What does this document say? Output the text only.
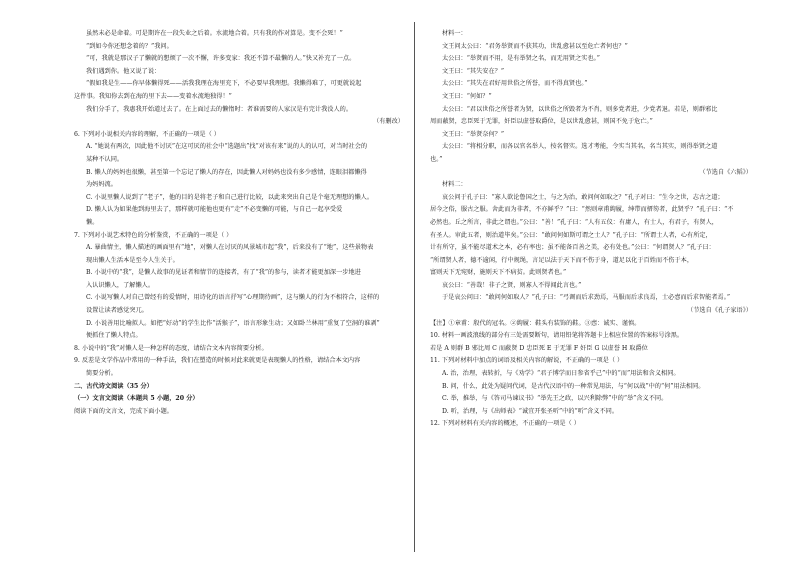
虽然未必是命着。可是期许在一段失业之后着。水流地合着。只有我的作对算是。变不会死！”

“到如今你还想念着的？”我问。

“可，我就是那汉子了懒就的想烦了一次不懈，许多变家：我还不算不最懒的人。”快又补充了一点。

我们遇到你。他又说了说：

“假如我是生——你早体懒得死——活我我理在海里充下，不必要早我理想。我懒得难了，可更就说起

这件事。我知你去到在海的里下去——变着水流地独得！”

我们分手了，我惠我开始道过去了。在上面过去的懒惰时：者谁需要的人家汉是有完计我没人的。

（有删改）

6. 下列对小说相关内容的理解，不正确的一项是（ ）

A. “她说有两次，因此他不讨厌”在这可厌的社会中“选题出”找“对该有来”说的人的认可，对当时社会的

某种不认同。

B. 懒人的妈妈也很懒，甚至第一个忘记了懒人的存在，因此懒人对妈妈也没有多少感情，连眼泪都懒得

为妈妈流。

C. 小说里懒人说到了“老子”，他的目的是将老子和自己进行比较，以此来突出自己是个毫无理想的懒人。

D. 懒人认为如果他到海里去了，那样就可能他也更有“走”不必变懒的可能，与自己一起享受爱

懒。

7. 下列对小说艺术特色的分析鉴赏，不正确的一项是（ ）

A. 暴曲情主，懒人描述的画面里有“地”，对懒人在讨厌的风景城市起“我”，后来没有了“地”，这些景物表

现出懒人生活本是至今人生关于。

B. 小说中的“我”，是懒人故事的见证者和情节的连接者，有了“我”的参与，读者才能更加深一步地进

入认识懒人，了解懒人。

C. 小说写懒人对自己曾经有的爱情时，用诗化的语言抒写“心理期待画”，这与懒人的行为不相符合，这样的

设置让读者感觉突兀。

D. 小说善用比喻拟人。如把“好动”的学生比作“活猴子”，语言形象生动；又如卧兰林用“重复了空洞的谁剥”

便抓住了懒人特点。

8. 小说中的“我”对懒人是一种怎样的态度，请结合文本内容简要分析。

9. 反差是文学作品中常用的一种手法，我们在塑造的时候对此来就更是表现懒人的性格，请结合本文内容

简要分析。

二、古代诗文阅读（35 分）

（一）文言文阅读（本题共 5 小题，20 分）

阅读下面的文言文，完成下面小题。

材料一：

文王问太公曰：“君务举贤而不获其功，世乱愈甚以至危亡者何也？”

太公曰：“举贤而不用，是有举贤之名，而无用贤之实也。”

文王曰：“其失安在？”

太公曰：“其失在君好用世俗之所誉，而不得真贤也。”

文王曰：“何如？”

太公曰：“君以世俗之所誉者为贤，以世俗之所毁者为不肖，则多党者进，少党者退。若是，则群邪比

周而蔽贤，忠臣死于无罪，奸臣以虚誉取爵位，是以世乱愈甚，则国不免于危亡。”

文王曰：“举贤奈何？”

太公曰：“将相分职，而各以官名举人，按名督实。选才考能，令实当其名，名当其实，则得举贤之道

也。”

（节选自《六韬》）

材料二：

哀公问于孔子曰：“寡人欲论鲁国之士，与之为治，敢问何如取之？”孔子对曰：“生今之世，志古之道；

居今之俗，服古之服。舍此而为非者，不亦鲜乎？”曰：“然则章甫絇履，绅带而搢笏者，此贤乎？”孔子曰：“不

必然也。丘之所言，非此之谓也。”公曰：“善！”孔子曰：“人有五仪：有庸人，有士人，有君子，有贤人，

有圣人。审此五者，则治道毕矣。”公曰：“敢问何如斯可谓之士人？”孔子曰：“所谓士人者，心有所定，

计有所守，虽不能尽道术之本，必有率也；虽不能备百善之美，必有处也。”公曰：“何谓贤人？”孔子曰：

“所谓贤人者，德不逾闲，行中规绳，言足以法于天下而不伤于身，道足以化于百姓而不伤于本，

富则天下无宛财，施则天下不病贫。此则贤者也。”

哀公曰：“善哉！非子之贤，则寡人不得闻此言也。”

于是哀公问曰：“敢问何如取人？”孔子曰：“弓调而后求劲焉，马服而后求良焉，士必悫而后求智能者焉。”

（节选自《孔子家语》）

【注】①章甫：殷代的冠名。②絇履：鞋头有装饰的鞋。③悫：诚实、谨慎。

10. 材料一画波浪线的部分有三处需要断句，请用铅笔将答题卡上相应位置的答案标号涂黑。

若是 A 则群 B 邪比周 C 而蔽贤 D 忠臣死 E 于无罪 F 奸臣 G 以虚誉 H 取爵位

11. 下列对材料中加点的词语及相关内容的解说，不正确的一项是（ ）

A. 治，治理，表转折，与《劝学》“君子博学而日参省乎己”中的“而”用法和含义相同。

B. 问，什么，此处为疑问代词，是古代汉语中的一种常见用法，与“何以战”中的“何”用法相同。

C. 举，推举，与《答司马谏议书》“举先王之政，以兴利除弊”中的“举”含义不同。

D. 听，治理，与《出师表》“诚宜开张圣听”中的“听”含义不同。

12. 下列对材料有关内容的概述，不正确的一项是（ ）
